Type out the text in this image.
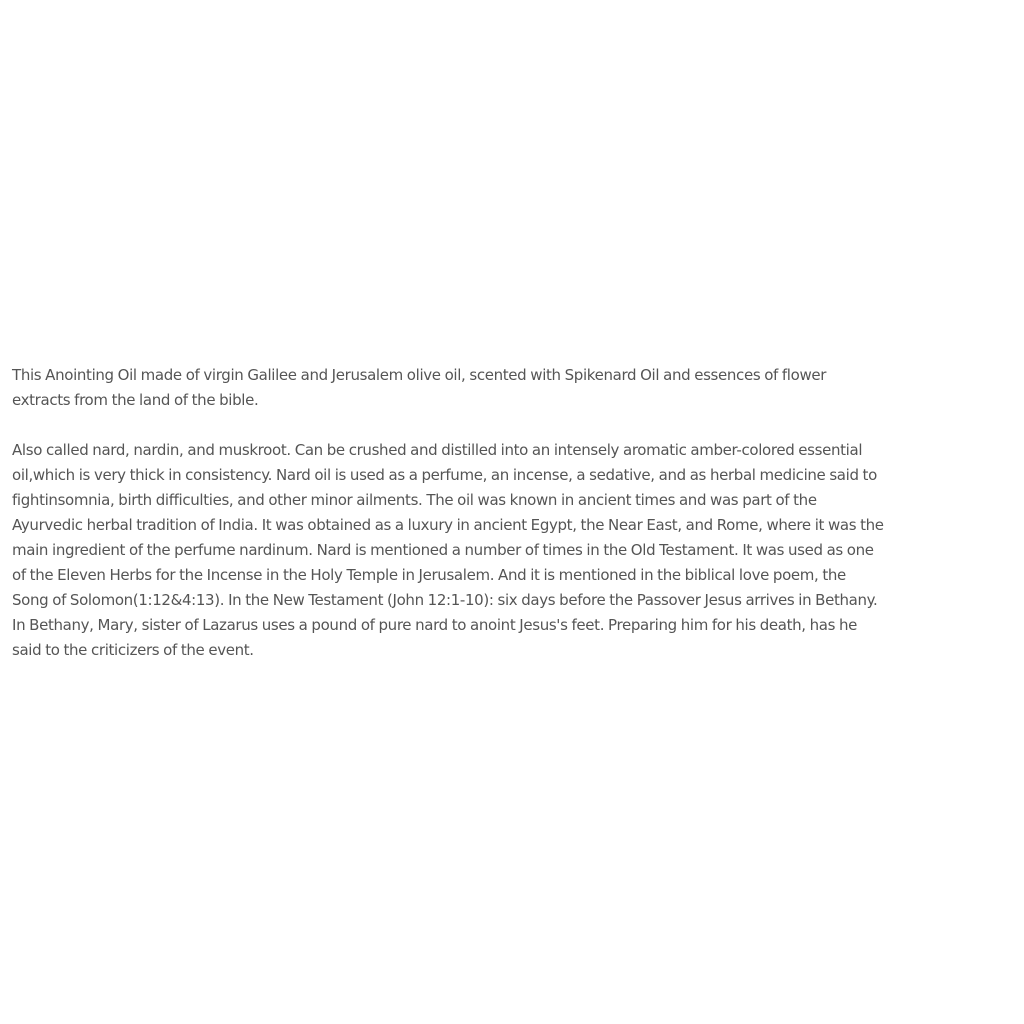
This Anointing Oil made of virgin Galilee and Jerusalem olive oil, scented with Spikenard Oil and essences of flower
extracts from the land of the bible.

Also called nard, nardin, and muskroot. Can be crushed and distilled into an intensely aromatic amber-colored essential
oil,which is very thick in consistency. Nard oil is used as a perfume, an incense, a sedative, and as herbal medicine said to
fightinsomnia, birth difficulties, and other minor ailments. The oil was known in ancient times and was part of the
Ayurvedic herbal tradition of India. It was obtained as a luxury in ancient Egypt, the Near East, and Rome, where it was the
main ingredient of the perfume nardinum. Nard is mentioned a number of times in the Old Testament. It was used as one
of the Eleven Herbs for the Incense in the Holy Temple in Jerusalem. And it is mentioned in the biblical love poem, the
Song of Solomon(1:12&4:13). In the New Testament (John 12:1-10): six days before the Passover Jesus arrives in Bethany.
In Bethany, Mary, sister of Lazarus uses a pound of pure nard to anoint Jesus's feet. Preparing him for his death, has he
said to the criticizers of the event.
